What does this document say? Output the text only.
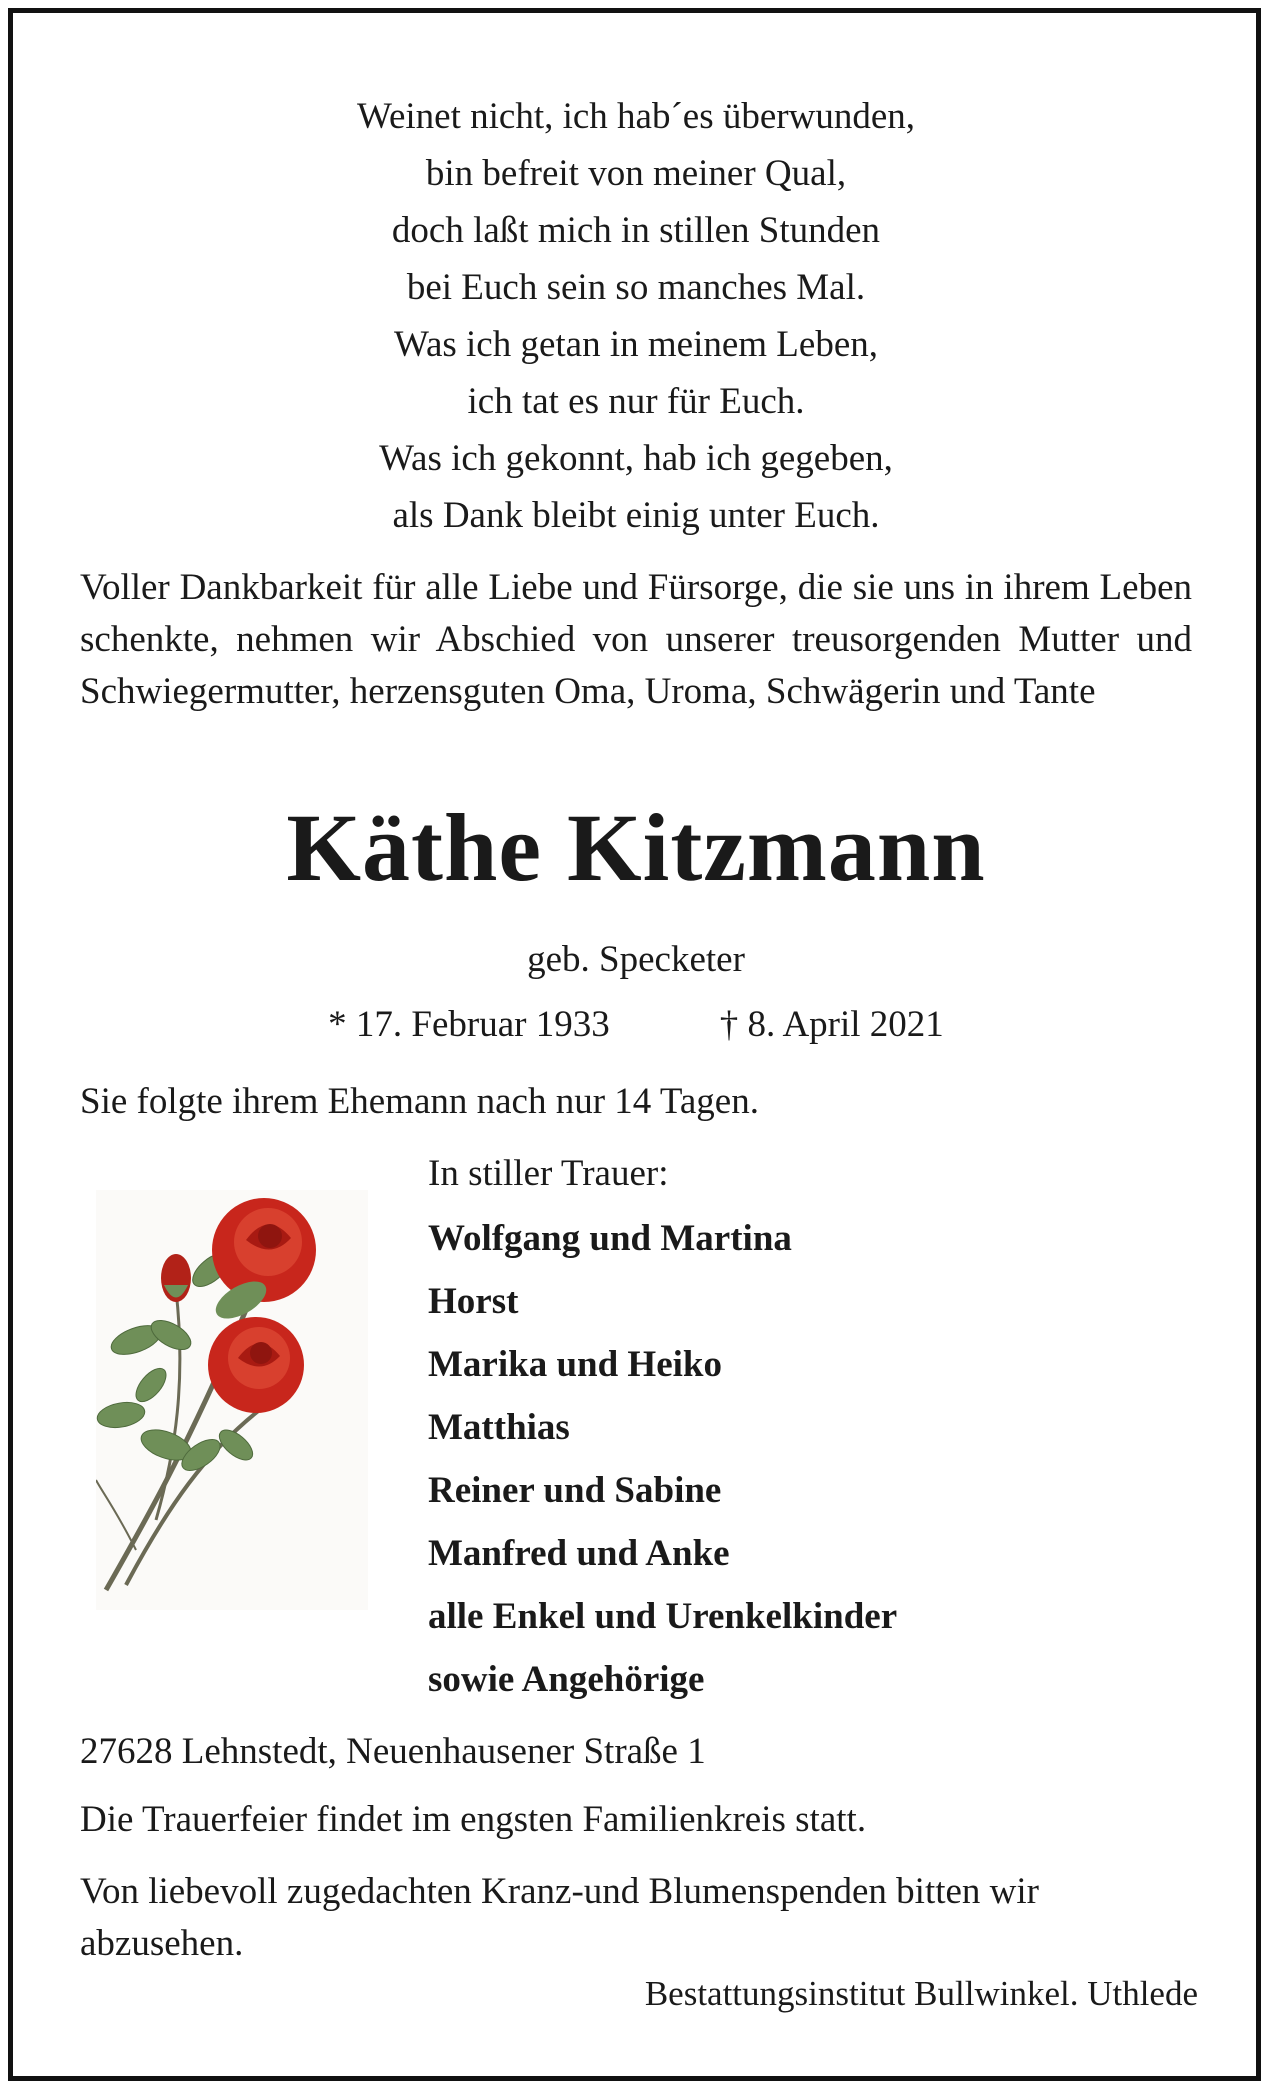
Weinet nicht, ich hab´es überwunden,
bin befreit von meiner Qual,
doch laßt mich in stillen Stunden
bei Euch sein so manches Mal.
Was ich getan in meinem Leben,
ich tat es nur für Euch.
Was ich gekonnt, hab ich gegeben,
als Dank bleibt einig unter Euch.

Voller Dankbarkeit für alle Liebe und Fürsorge, die sie uns in ihrem Leben schenkte, nehmen wir Abschied von unserer treusorgenden Mutter und Schwiegermutter, herzensguten Oma, Uroma, Schwägerin und Tante

Käthe Kitzmann
geb. Specketer
* 17. Februar 1933	† 8. April 2021
Sie folgte ihrem Ehemann nach nur 14 Tagen.
In stiller Trauer:
Wolfgang und Martina
Horst
Marika und Heiko
Matthias
Reiner und Sabine
Manfred und Anke
alle Enkel und Urenkelkinder
sowie Angehörige
27628 Lehnstedt, Neuenhausener Straße 1
Die Trauerfeier findet im engsten Familienkreis statt.

Von liebevoll zugedachten Kranz-und Blumenspenden bitten wir abzusehen.

Bestattungsinstitut Bullwinkel. Uthlede
